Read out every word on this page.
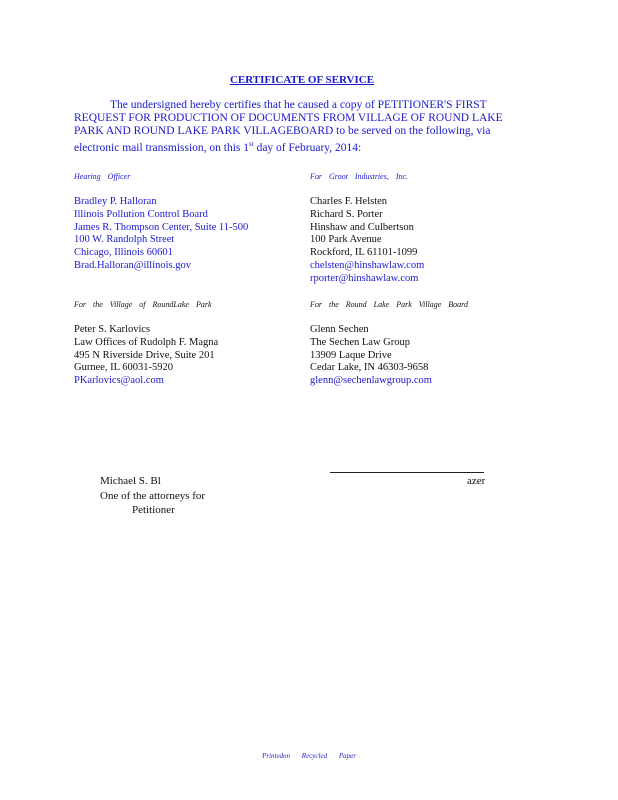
CERTIFICATE OF SERVICE

The undersigned hereby certifies that he caused a copy of PETITIONER'S FIRST REQUEST FOR PRODUCTION OF DOCUMENTS FROM VILLAGE OF ROUND LAKE PARK AND ROUND LAKE PARK VILLAGEBOARD to be served on the following, via electronic mail transmission, on this 1st day of February, 2014:

Hearing Officer
Bradley P. Halloran
Illinois Pollution Control Board
James R. Thompson Center, Suite 11-500
100 W. Randolph Street
Chicago, Illinois 60601
Brad.Halloran@illinois.gov
For Groot Industries, Inc.
Charles F. Helsten
Richard S. Porter
Hinshaw and Culbertson
100 Park Avenue
Rockford, IL 61101-1099
chelsten@hinshawlaw.com
rporter@hinshawlaw.com
For the Village of RoundLake Park
Peter S. Karlovics
Law Offices of Rudolph F. Magna
495 N Riverside Drive, Suite 201
Gurnee, IL 60031-5920
PKarlovics@aol.com
For the Round Lake Park Village Board
Glenn Sechen
The Sechen Law Group
13909 Laque Drive
Cedar Lake, IN 46303-9658
glenn@sechenlawgroup.com
Michael S. Bl	azer
One of the attorneys for
Petitioner
Printedon Recycled Paper
